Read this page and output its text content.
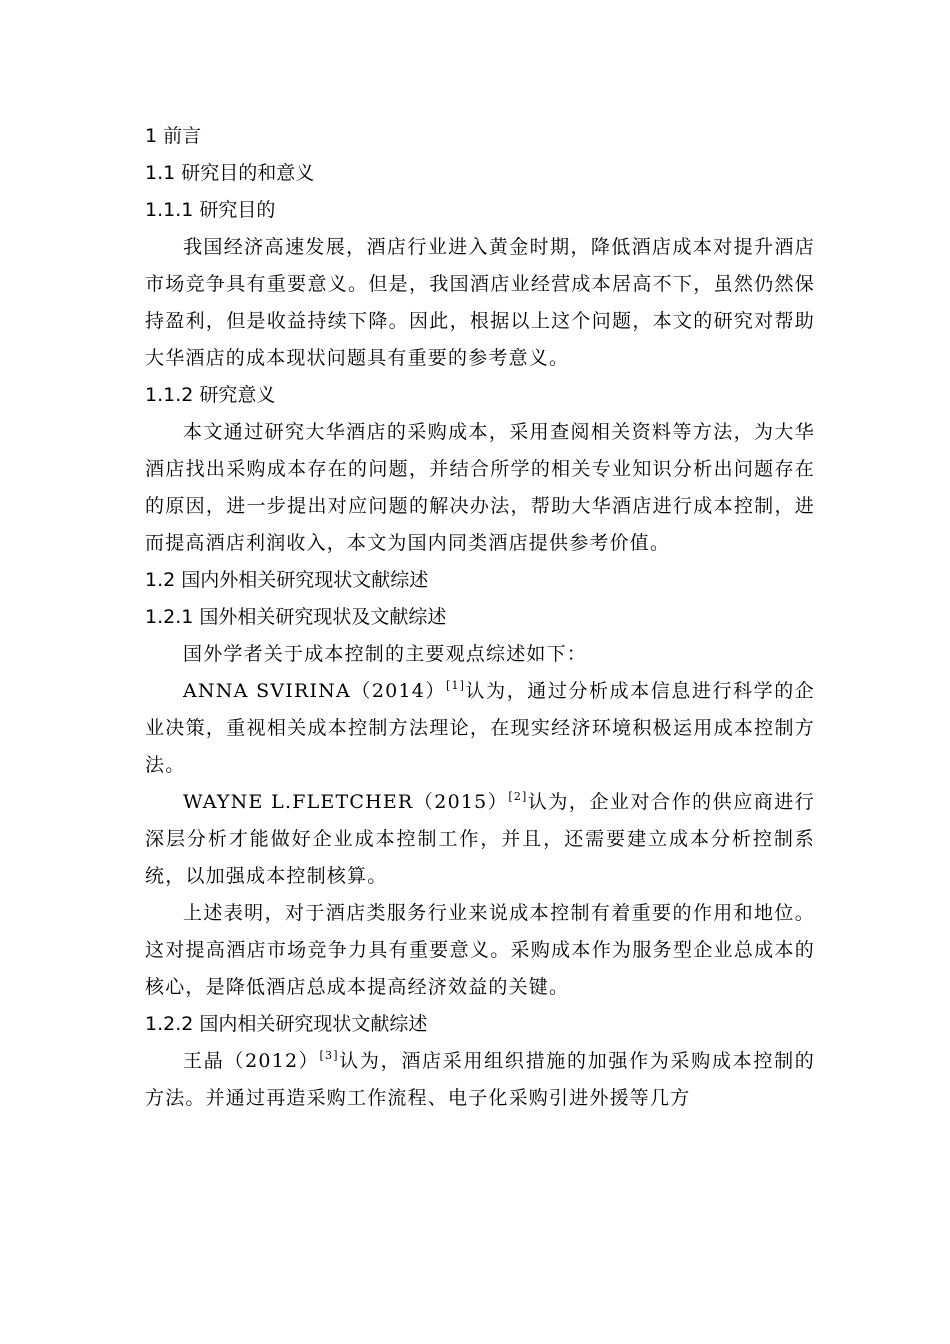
1 前言
1.1 研究目的和意义
1.1.1 研究目的
我国经济高速发展，酒店行业进入黄金时期，降低酒店成本对提升酒店市场竞争具有重要意义。但是，我国酒店业经营成本居高不下，虽然仍然保持盈利，但是收益持续下降。因此，根据以上这个问题，本文的研究对帮助大华酒店的成本现状问题具有重要的参考意义。
1.1.2 研究意义
本文通过研究大华酒店的采购成本，采用查阅相关资料等方法，为大华酒店找出采购成本存在的问题，并结合所学的相关专业知识分析出问题存在的原因，进一步提出对应问题的解决办法，帮助大华酒店进行成本控制，进而提高酒店利润收入，本文为国内同类酒店提供参考价值。
1.2 国内外相关研究现状文献综述
1.2.1 国外相关研究现状及文献综述
国外学者关于成本控制的主要观点综述如下：
ANNA SVIRINA（2014）[1]认为，通过分析成本信息进行科学的企业决策，重视相关成本控制方法理论，在现实经济环境积极运用成本控制方法。
WAYNE L.FLETCHER（2015）[2]认为，企业对合作的供应商进行深层分析才能做好企业成本控制工作，并且，还需要建立成本分析控制系统，以加强成本控制核算。
上述表明，对于酒店类服务行业来说成本控制有着重要的作用和地位。这对提高酒店市场竞争力具有重要意义。采购成本作为服务型企业总成本的核心，是降低酒店总成本提高经济效益的关键。
1.2.2 国内相关研究现状文献综述
王晶（2012）[3]认为，酒店采用组织措施的加强作为采购成本控制的方法。并通过再造采购工作流程、电子化采购引进外援等几方
